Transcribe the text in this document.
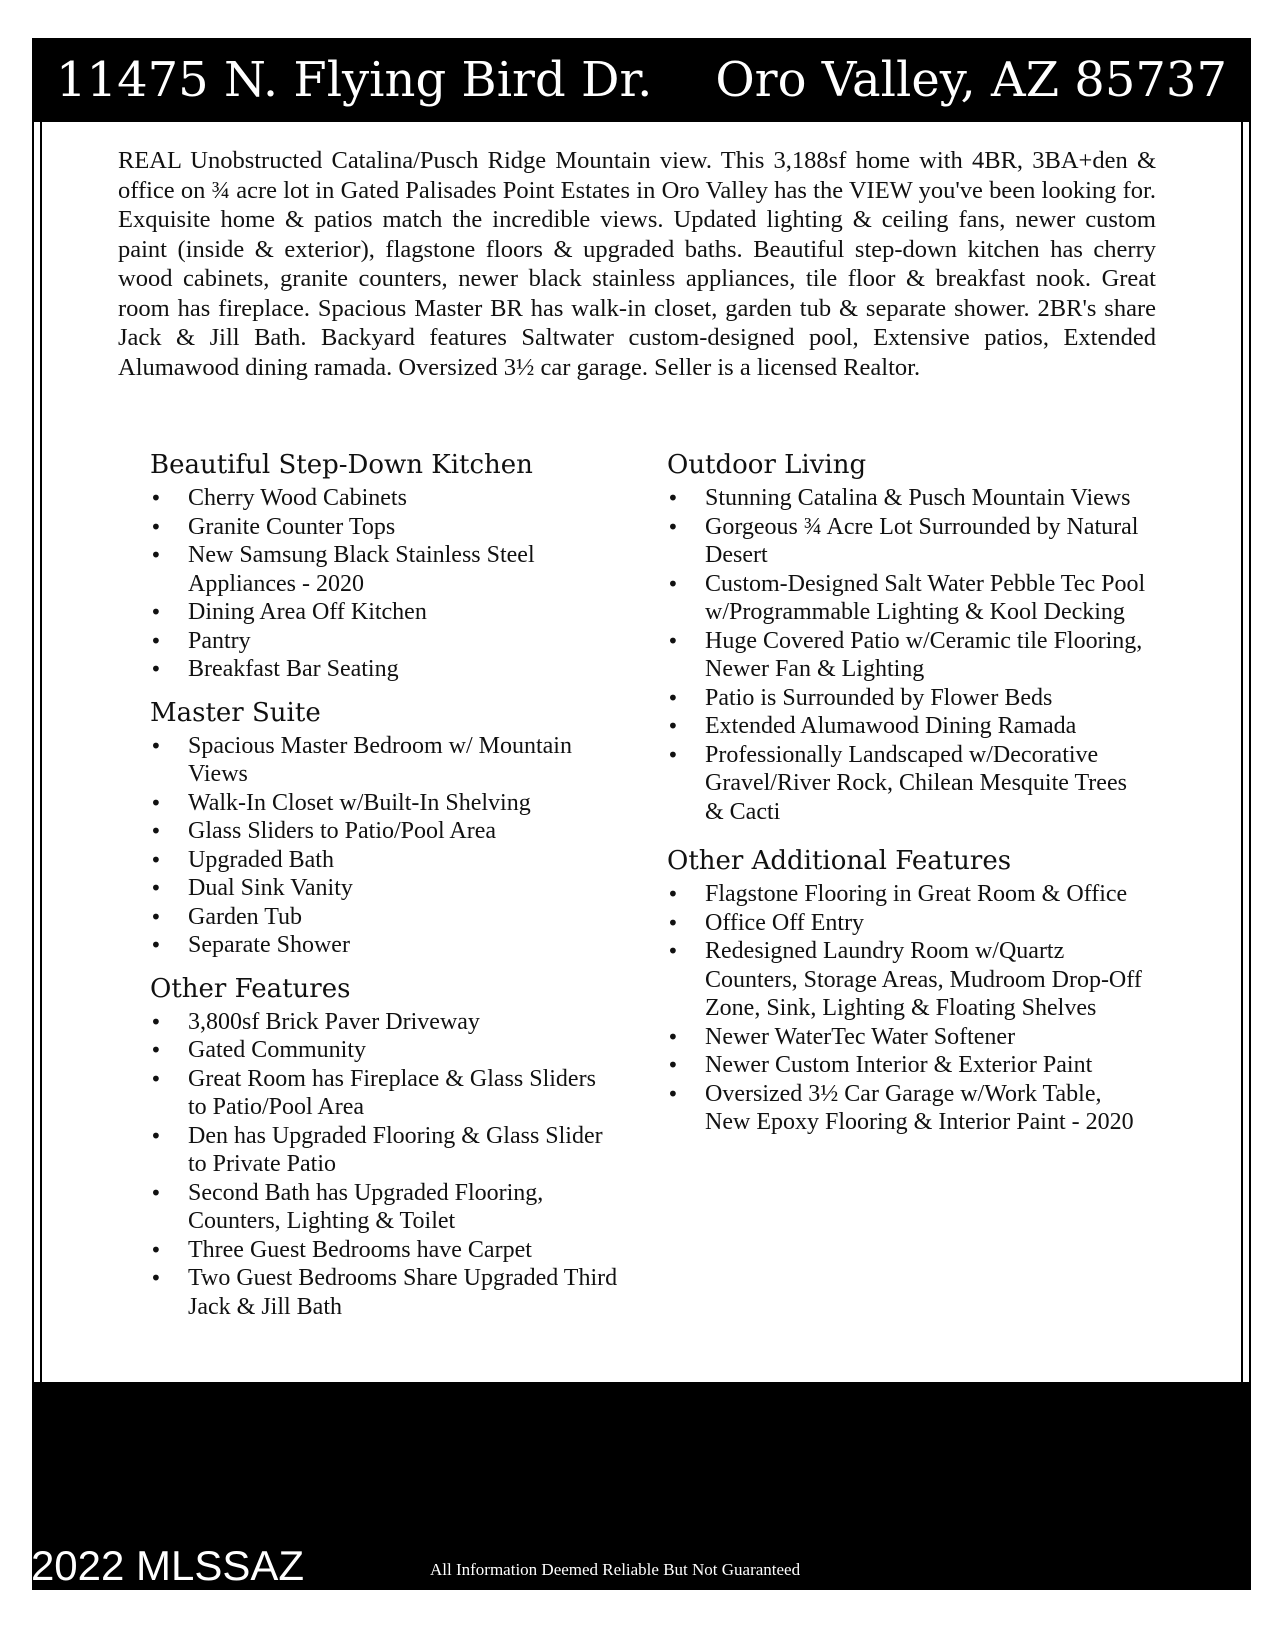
11475 N. Flying Bird Dr. Oro Valley, AZ 85737

REAL Unobstructed Catalina/Pusch Ridge Mountain view. This 3,188sf home with 4BR, 3BA+den & office on ¾ acre lot in Gated Palisades Point Estates in Oro Valley has the VIEW you've been looking for. Exquisite home & patios match the incredible views. Updated lighting & ceiling fans, newer custom paint (inside & exterior), flagstone floors & upgraded baths. Beautiful step-down kitchen has cherry wood cabinets, granite counters, newer black stainless appliances, tile floor & breakfast nook. Great room has fireplace. Spacious Master BR has walk-in closet, garden tub & separate shower. 2BR's share Jack & Jill Bath. Backyard features Saltwater custom-designed pool, Extensive patios, Extended Alumawood dining ramada. Oversized 3½ car garage. Seller is a licensed Realtor.

Beautiful Step-Down Kitchen
• Cherry Wood Cabinets
• Granite Counter Tops
• New Samsung Black Stainless Steel Appliances - 2020
• Dining Area Off Kitchen
• Pantry
• Breakfast Bar Seating
Master Suite
• Spacious Master Bedroom w/ Mountain Views
• Walk-In Closet w/Built-In Shelving
• Glass Sliders to Patio/Pool Area
• Upgraded Bath
• Dual Sink Vanity
• Garden Tub
• Separate Shower
Other Features
• 3,800sf Brick Paver Driveway
• Gated Community
• Great Room has Fireplace & Glass Sliders to Patio/Pool Area
• Den has Upgraded Flooring & Glass Slider to Private Patio
• Second Bath has Upgraded Flooring, Counters, Lighting & Toilet
• Three Guest Bedrooms have Carpet
• Two Guest Bedrooms Share Upgraded Third Jack & Jill Bath
Outdoor Living
• Stunning Catalina & Pusch Mountain Views
• Gorgeous ¾ Acre Lot Surrounded by Natural Desert
• Custom-Designed Salt Water Pebble Tec Pool w/Programmable Lighting & Kool Decking
• Huge Covered Patio w/Ceramic tile Flooring, Newer Fan & Lighting
• Patio is Surrounded by Flower Beds
• Extended Alumawood Dining Ramada
• Professionally Landscaped w/Decorative Gravel/River Rock, Chilean Mesquite Trees & Cacti
Other Additional Features
• Flagstone Flooring in Great Room & Office
• Office Off Entry
• Redesigned Laundry Room w/Quartz Counters, Storage Areas, Mudroom Drop-Off Zone, Sink, Lighting & Floating Shelves
• Newer WaterTec Water Softener
• Newer Custom Interior & Exterior Paint
• Oversized 3½ Car Garage w/Work Table, New Epoxy Flooring & Interior Paint - 2020
©2022 MLSSAZ	All Information Deemed Reliable But Not Guaranteed
